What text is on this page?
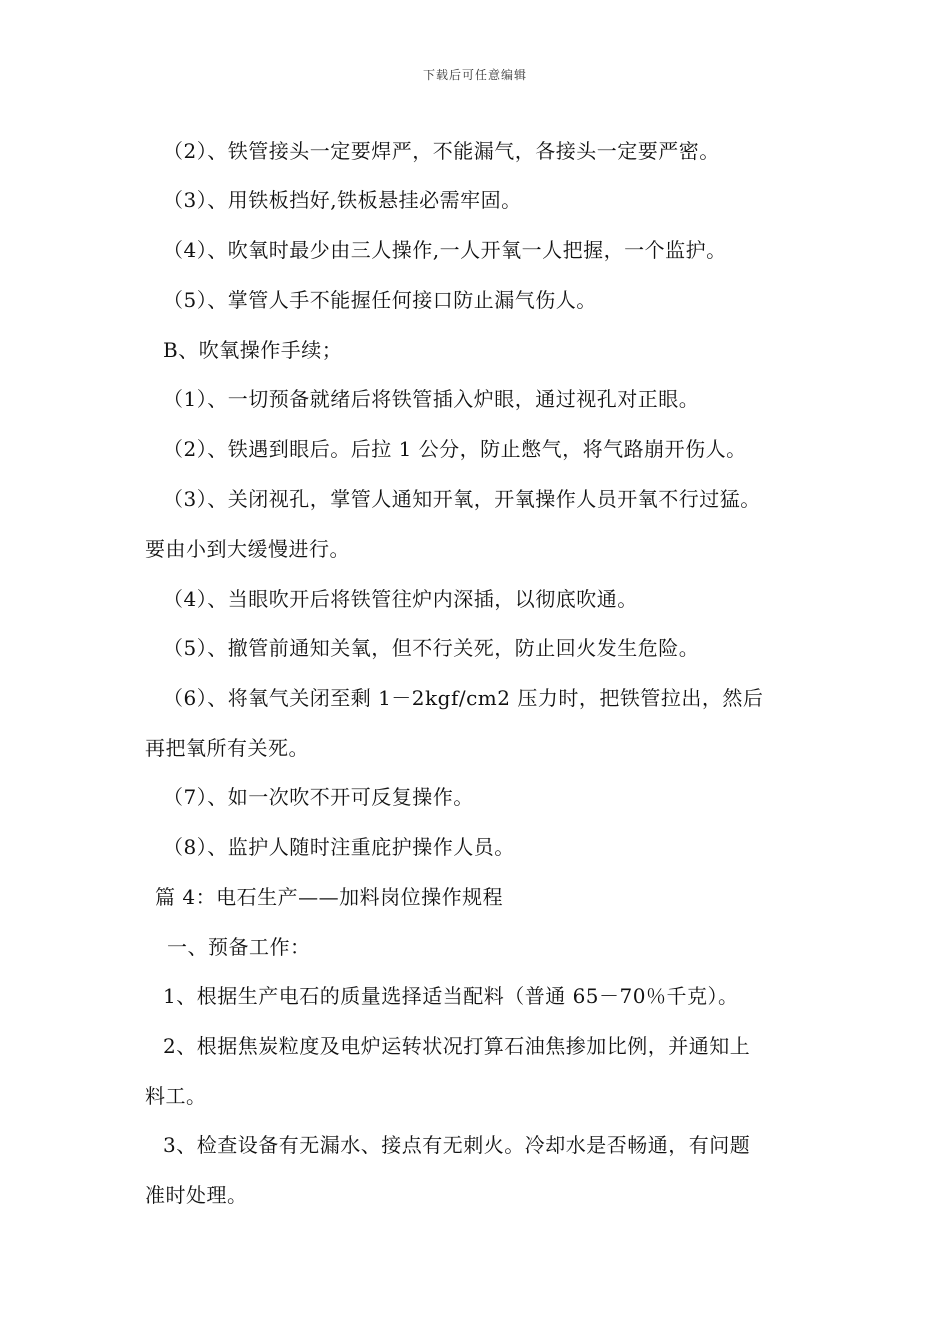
下载后可任意编辑
（2）、铁管接头一定要焊严，不能漏气，各接头一定要严密。
（3）、用铁板挡好,铁板悬挂必需牢固。
（4）、吹氧时最少由三人操作,一人开氧一人把握，一个监护。
（5）、掌管人手不能握任何接口防止漏气伤人。
B、吹氧操作手续；
（1）、一切预备就绪后将铁管插入炉眼，通过视孔对正眼。
（2）、铁遇到眼后。后拉 1 公分，防止憋气，将气路崩开伤人。
（3）、关闭视孔，掌管人通知开氧，开氧操作人员开氧不行过猛。
要由小到大缓慢进行。
（4）、当眼吹开后将铁管往炉内深插，以彻底吹通。
（5）、撤管前通知关氧，但不行关死，防止回火发生危险。
（6）、将氧气关闭至剩 1－2kgf/cm2 压力时，把铁管拉出，然后
再把氧所有关死。
（7）、如一次吹不开可反复操作。
（8）、监护人随时注重庇护操作人员。
篇 4：电石生产——加料岗位操作规程
一、预备工作：
1、根据生产电石的质量选择适当配料（普通 65－70％千克）。
2、根据焦炭粒度及电炉运转状况打算石油焦掺加比例，并通知上
料工。
3、检查设备有无漏水、接点有无刺火。冷却水是否畅通，有问题
准时处理。
